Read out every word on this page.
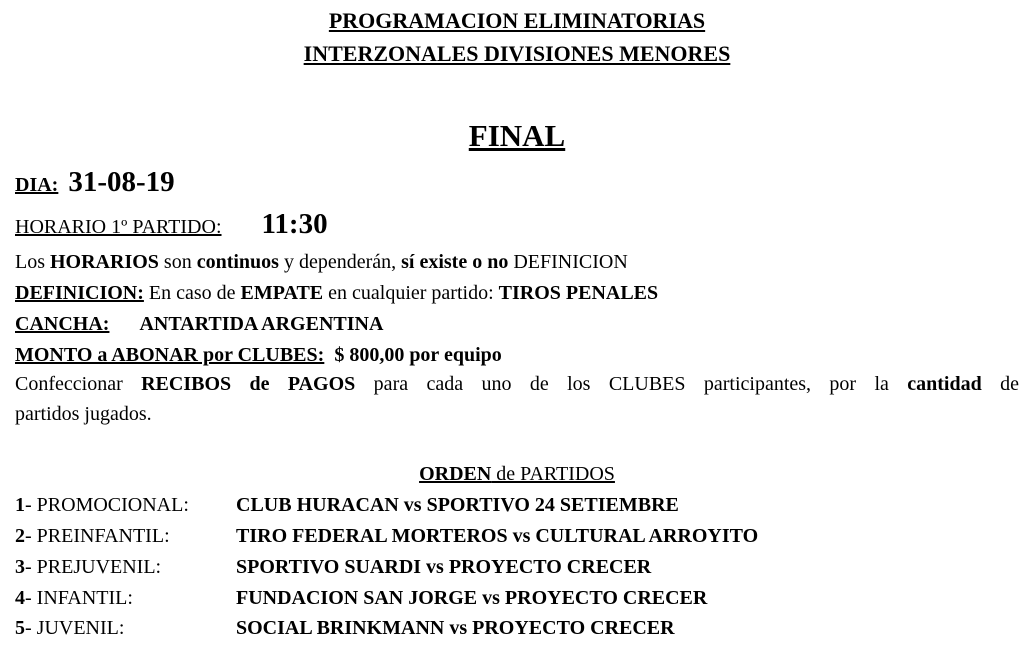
PROGRAMACION ELIMINATORIAS
INTERZONALES DIVISIONES MENORES
FINAL
DIA: 31-08-19
HORARIO 1º PARTIDO: 11:30
Los HORARIOS son continuos y dependerán, sí existe o no DEFINICION
DEFINICION: En caso de EMPATE en cualquier partido: TIROS PENALES
CANCHA: ANTARTIDA ARGENTINA
MONTO a ABONAR por CLUBES: $ 800,00 por equipo
Confeccionar RECIBOS de PAGOS para cada uno de los CLUBES participantes, por la cantidad de
partidos jugados.
ORDEN de PARTIDOS
1- PROMOCIONAL: CLUB HURACAN vs SPORTIVO 24 SETIEMBRE
2- PREINFANTIL:	TIRO FEDERAL MORTEROS vs CULTURAL ARROYITO
3- PREJUVENIL:	SPORTIVO SUARDI vs PROYECTO CRECER
4- INFANTIL:	FUNDACION SAN JORGE vs PROYECTO CRECER
5- JUVENIL:	SOCIAL BRINKMANN vs PROYECTO CRECER
